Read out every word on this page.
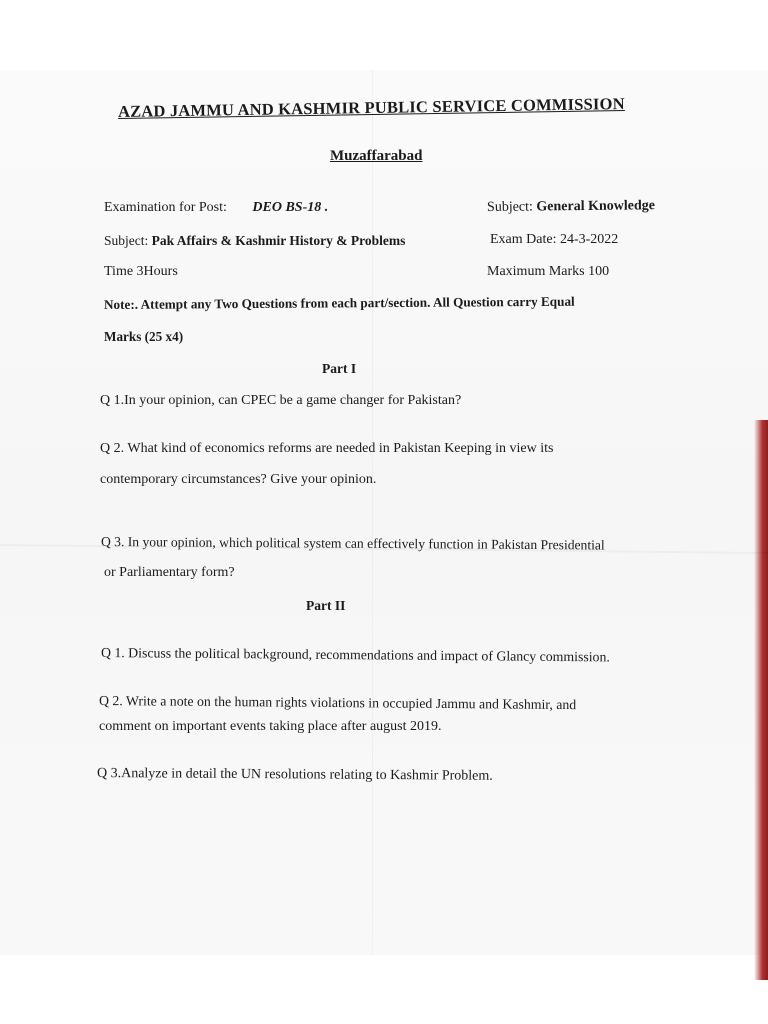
AZAD JAMMU AND KASHMIR PUBLIC SERVICE COMMISSION
Muzaffarabad
Examination for Post: DEO BS-18 .	Subject: General Knowledge
Subject: Pak Affairs & Kashmir History & Problems	Exam Date: 24-3-2022
Time 3Hours	Maximum Marks 100
Note:. Attempt any Two Questions from each part/section. All Question carry Equal
Marks (25 x4)
Part I
Q 1.In your opinion, can CPEC be a game changer for Pakistan?
Q 2. What kind of economics reforms are needed in Pakistan Keeping in view its
contemporary circumstances? Give your opinion.
Q 3. In your opinion, which political system can effectively function in Pakistan Presidential
or Parliamentary form?
Part II
Q 1. Discuss the political background, recommendations and impact of Glancy commission.
Q 2. Write a note on the human rights violations in occupied Jammu and Kashmir, and
comment on important events taking place after august 2019.
Q 3.Analyze in detail the UN resolutions relating to Kashmir Problem.
